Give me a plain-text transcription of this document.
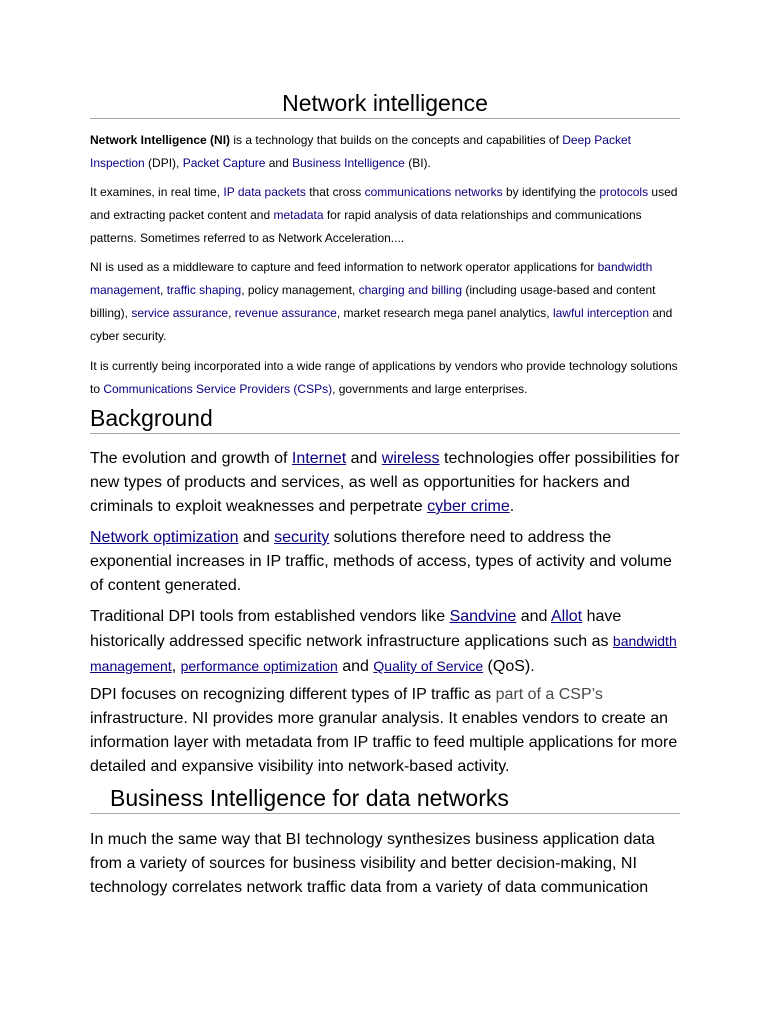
Network intelligence

Network Intelligence (NI) is a technology that builds on the concepts and capabilities of Deep Packet Inspection (DPI), Packet Capture and Business Intelligence (BI).

It examines, in real time, IP data packets that cross communications networks by identifying the protocols used and extracting packet content and metadata for rapid analysis of data relationships and communications patterns. Sometimes referred to as Network Acceleration....

NI is used as a middleware to capture and feed information to network operator applications for bandwidth management, traffic shaping, policy management, charging and billing (including usage-based and content billing), service assurance, revenue assurance, market research mega panel analytics, lawful interception and cyber security.

It is currently being incorporated into a wide range of applications by vendors who provide technology solutions to Communications Service Providers (CSPs), governments and large enterprises.

Background

The evolution and growth of Internet and wireless technologies offer possibilities for new types of products and services, as well as opportunities for hackers and criminals to exploit weaknesses and perpetrate cyber crime.

Network optimization and security solutions therefore need to address the exponential increases in IP traffic, methods of access, types of activity and volume of content generated.

Traditional DPI tools from established vendors like Sandvine and Allot have historically addressed specific network infrastructure applications such as bandwidth management, performance optimization and Quality of Service (QoS).

DPI focuses on recognizing different types of IP traffic as part of a CSP’s infrastructure. NI provides more granular analysis. It enables vendors to create an information layer with metadata from IP traffic to feed multiple applications for more detailed and expansive visibility into network-based activity.

Business Intelligence for data networks

In much the same way that BI technology synthesizes business application data from a variety of sources for business visibility and better decision-making, NI technology correlates network traffic data from a variety of data communication
